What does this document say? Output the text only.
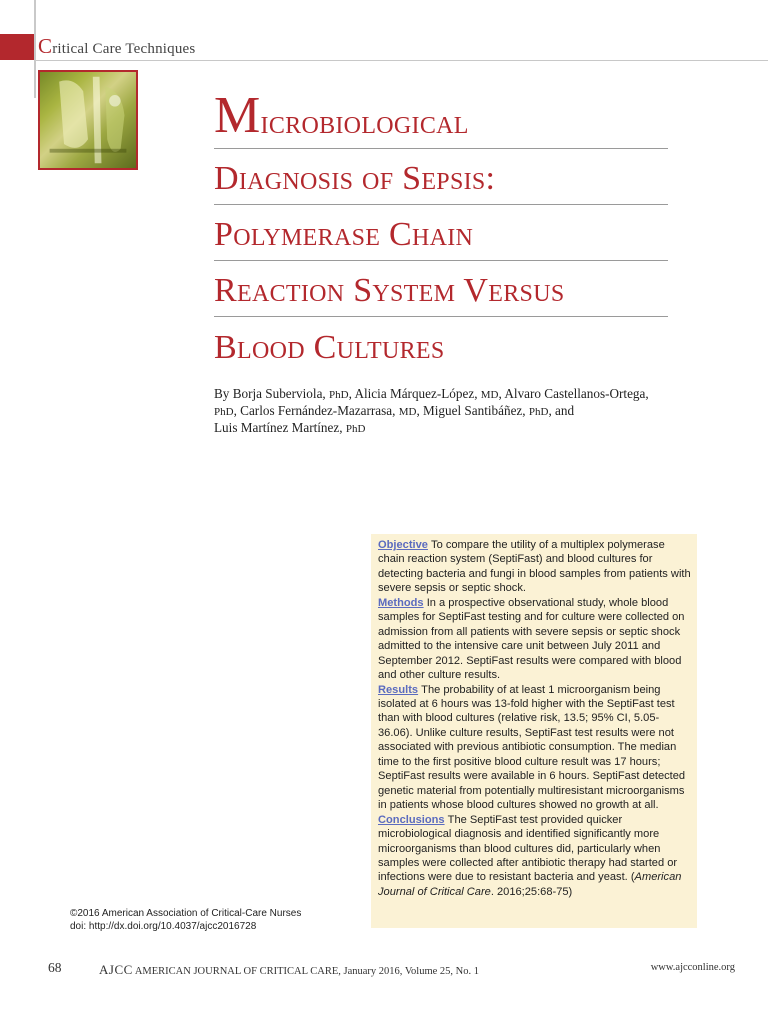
Critical Care Techniques
M icrobiological
Diagnosis of Sepsis:
Polymerase Chain
Reaction System Versus
Blood Cultures
By Borja Suberviola, PhD, Alicia Márquez-López, MD, Alvaro Castellanos-Ortega,
PhD, Carlos Fernández-Mazarrasa, MD, Miguel Santibáñez, PhD, and
Luis Martínez Martínez, PhD

Objective To compare the utility of a multiplex polymerase chain reaction system (SeptiFast) and blood cultures for detecting bacteria and fungi in blood samples from patients with severe sepsis or septic shock.

Methods In a prospective observational study, whole blood samples for SeptiFast testing and for culture were collected on admission from all patients with severe sepsis or septic shock admitted to the intensive care unit between July 2011 and September 2012. SeptiFast results were compared with blood and other culture results.

Results The probability of at least 1 microorganism being isolated at 6 hours was 13-fold higher with the SeptiFast test than with blood cultures (relative risk, 13.5; 95% CI, 5.05-36.06). Unlike culture results, SeptiFast test results were not associated with previous antibiotic consumption. The median time to the first positive blood culture result was 17 hours; SeptiFast results were available in 6 hours. SeptiFast detected genetic material from potentially multiresistant microorganisms in patients whose blood cultures showed no growth at all.

Conclusions The SeptiFast test provided quicker microbiological diagnosis and identified significantly more microorganisms than blood cultures did, particularly when samples were collected after antibiotic therapy had started or infections were due to resistant bacteria and yeast. (American Journal of Critical Care. 2016;25:68-75)

©2016 American Association of Critical-Care Nurses
doi: http://dx.doi.org/10.4037/ajcc2016728
68	AJCC AMERICAN JOURNAL OF CRITICAL CARE, January 2016, Volume 25, No. 1	www.ajcconline.org
